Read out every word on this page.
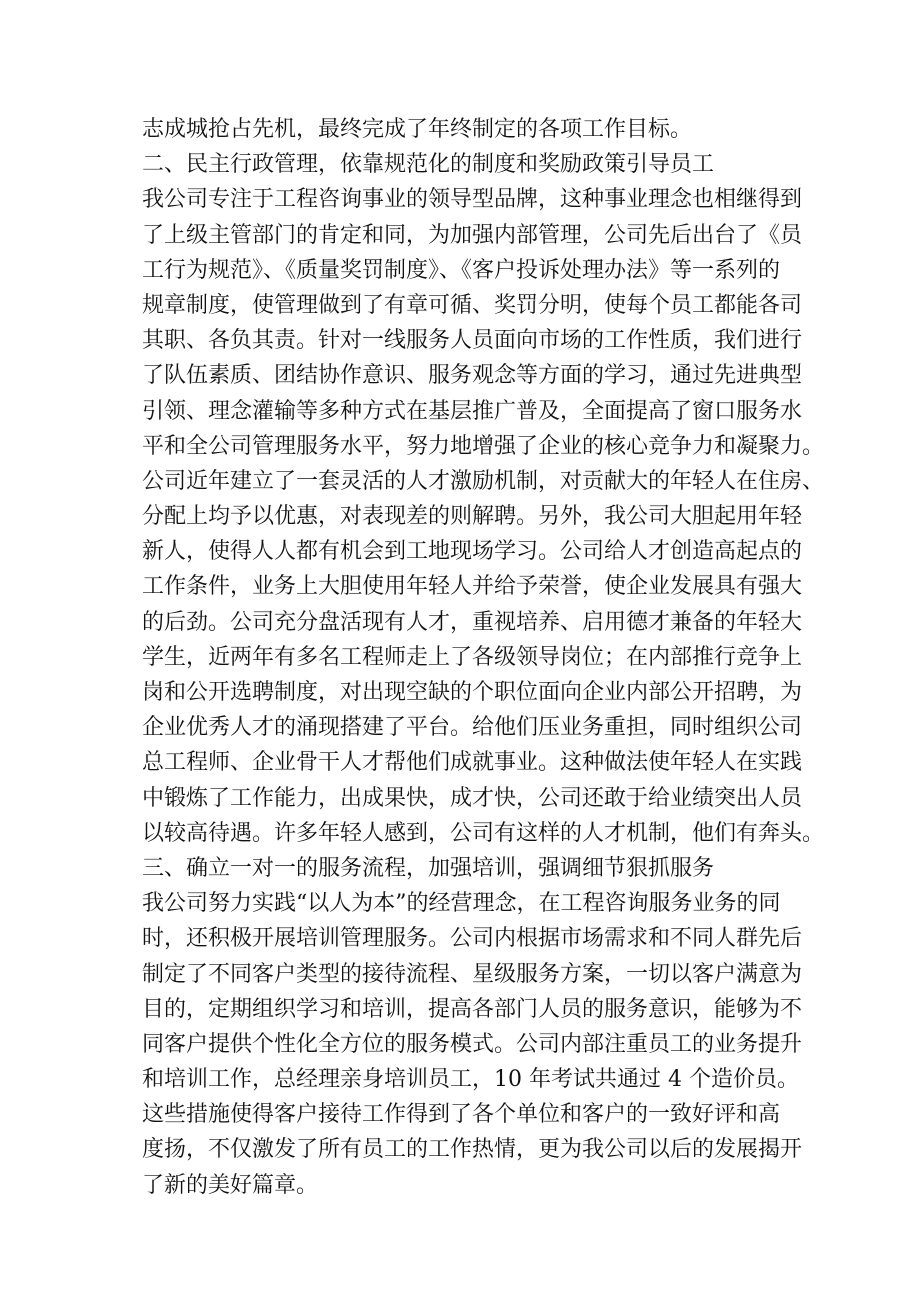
志成城抢占先机，最终完成了年终制定的各项工作目标。
二、民主行政管理，依靠规范化的制度和奖励政策引导员工
我公司专注于工程咨询事业的领导型品牌，这种事业理念也相继得到
了上级主管部门的肯定和同，为加强内部管理，公司先后出台了《员
工行为规范》、《质量奖罚制度》、《客户投诉处理办法》等一系列的
规章制度，使管理做到了有章可循、奖罚分明，使每个员工都能各司
其职、各负其责。针对一线服务人员面向市场的工作性质，我们进行
了队伍素质、团结协作意识、服务观念等方面的学习，通过先进典型
引领、理念灌输等多种方式在基层推广普及，全面提高了窗口服务水
平和全公司管理服务水平，努力地增强了企业的核心竞争力和凝聚力。
公司近年建立了一套灵活的人才激励机制，对贡献大的年轻人在住房、
分配上均予以优惠，对表现差的则解聘。另外，我公司大胆起用年轻
新人，使得人人都有机会到工地现场学习。公司给人才创造高起点的
工作条件，业务上大胆使用年轻人并给予荣誉，使企业发展具有强大
的后劲。公司充分盘活现有人才，重视培养、启用德才兼备的年轻大
学生，近两年有多名工程师走上了各级领导岗位；在内部推行竞争上
岗和公开选聘制度，对出现空缺的个职位面向企业内部公开招聘，为
企业优秀人才的涌现搭建了平台。给他们压业务重担，同时组织公司
总工程师、企业骨干人才帮他们成就事业。这种做法使年轻人在实践
中锻炼了工作能力，出成果快，成才快，公司还敢于给业绩突出人员
以较高待遇。许多年轻人感到，公司有这样的人才机制，他们有奔头。
三、确立一对一的服务流程，加强培训，强调细节狠抓服务
我公司努力实践“以人为本”的经营理念，在工程咨询服务业务的同
时，还积极开展培训管理服务。公司内根据市场需求和不同人群先后
制定了不同客户类型的接待流程、星级服务方案，一切以客户满意为
目的，定期组织学习和培训，提高各部门人员的服务意识，能够为不
同客户提供个性化全方位的服务模式。公司内部注重员工的业务提升
和培训工作，总经理亲身培训员工，10 年考试共通过 4 个造价员。
这些措施使得客户接待工作得到了各个单位和客户的一致好评和高
度扬，不仅激发了所有员工的工作热情，更为我公司以后的发展揭开
了新的美好篇章。
